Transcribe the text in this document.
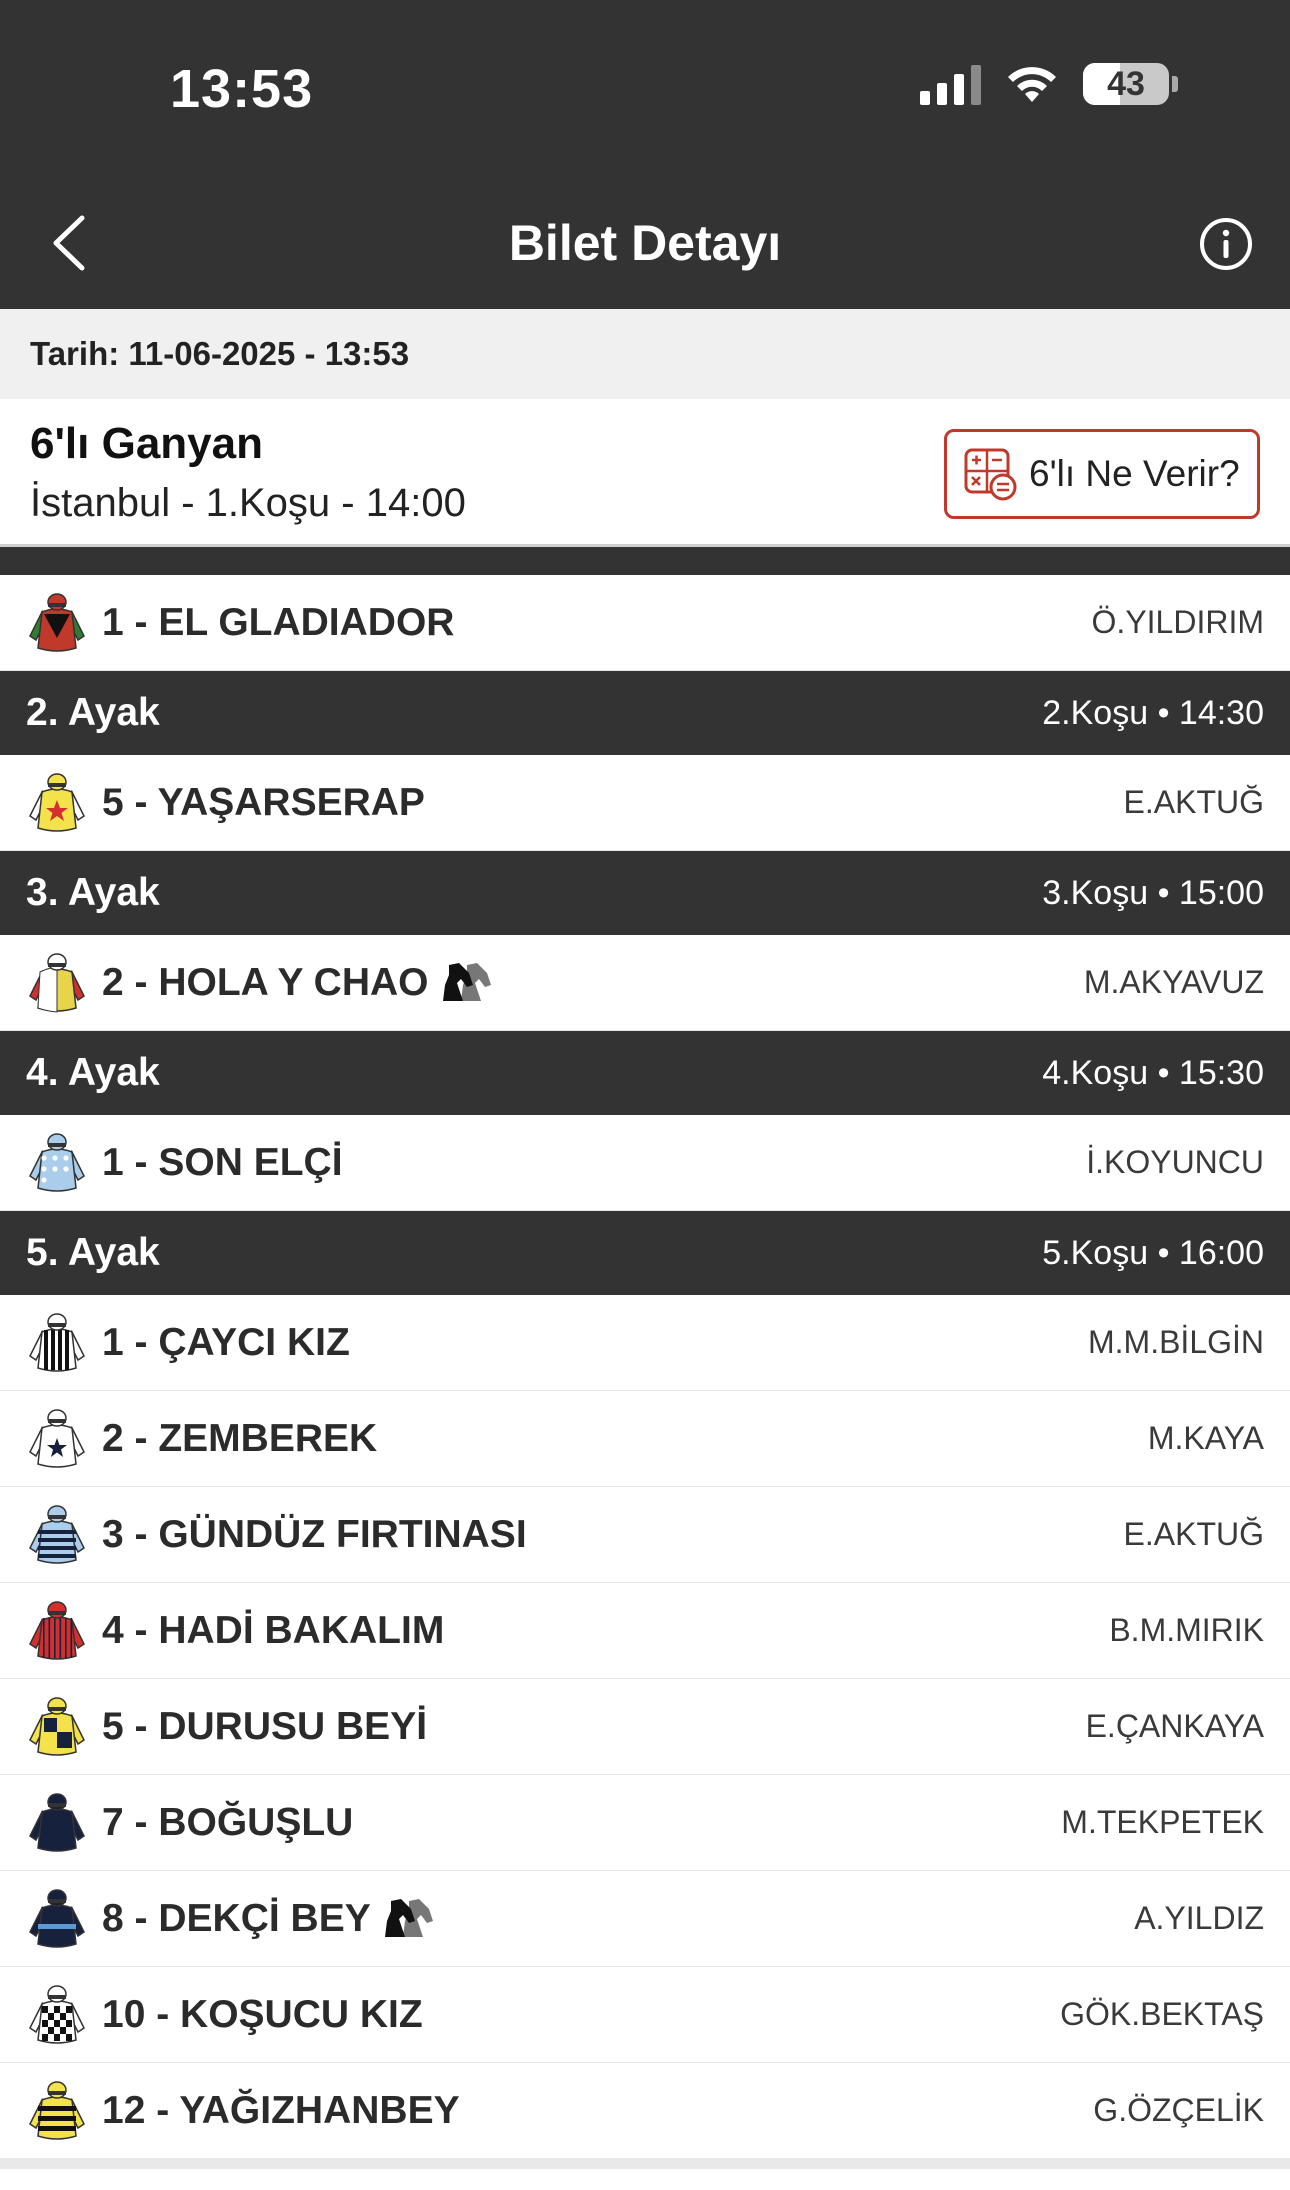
13:53	43
Bilet Detayı
Tarih: 11-06-2025 - 13:53
6'lı Ganyan
İstanbul - 1.Koşu - 14:00
6'lı Ne Verir?
1 - EL GLADIADOR	Ö.YILDIRIM
2. Ayak	2.Koşu • 14:30
5 - YAŞARSERAP	E.AKTUĞ
3. Ayak	3.Koşu • 15:00
2 - HOLA Y CHAO	M.AKYAVUZ
4. Ayak	4.Koşu • 15:30
1 - SON ELÇİ	İ.KOYUNCU
5. Ayak	5.Koşu • 16:00
1 - ÇAYCI KIZ	M.M.BİLGİN
2 - ZEMBEREK	M.KAYA
3 - GÜNDÜZ FIRTINASI	E.AKTUĞ
4 - HADİ BAKALIM	B.M.MIRIK
5 - DURUSU BEYİ	E.ÇANKAYA
7 - BOĞUŞLU	M.TEKPETEK
8 - DEKÇİ BEY	A.YILDIZ
10 - KOŞUCU KIZ	GÖK.BEKTAŞ
12 - YAĞIZHANBEY	G.ÖZÇELİK
